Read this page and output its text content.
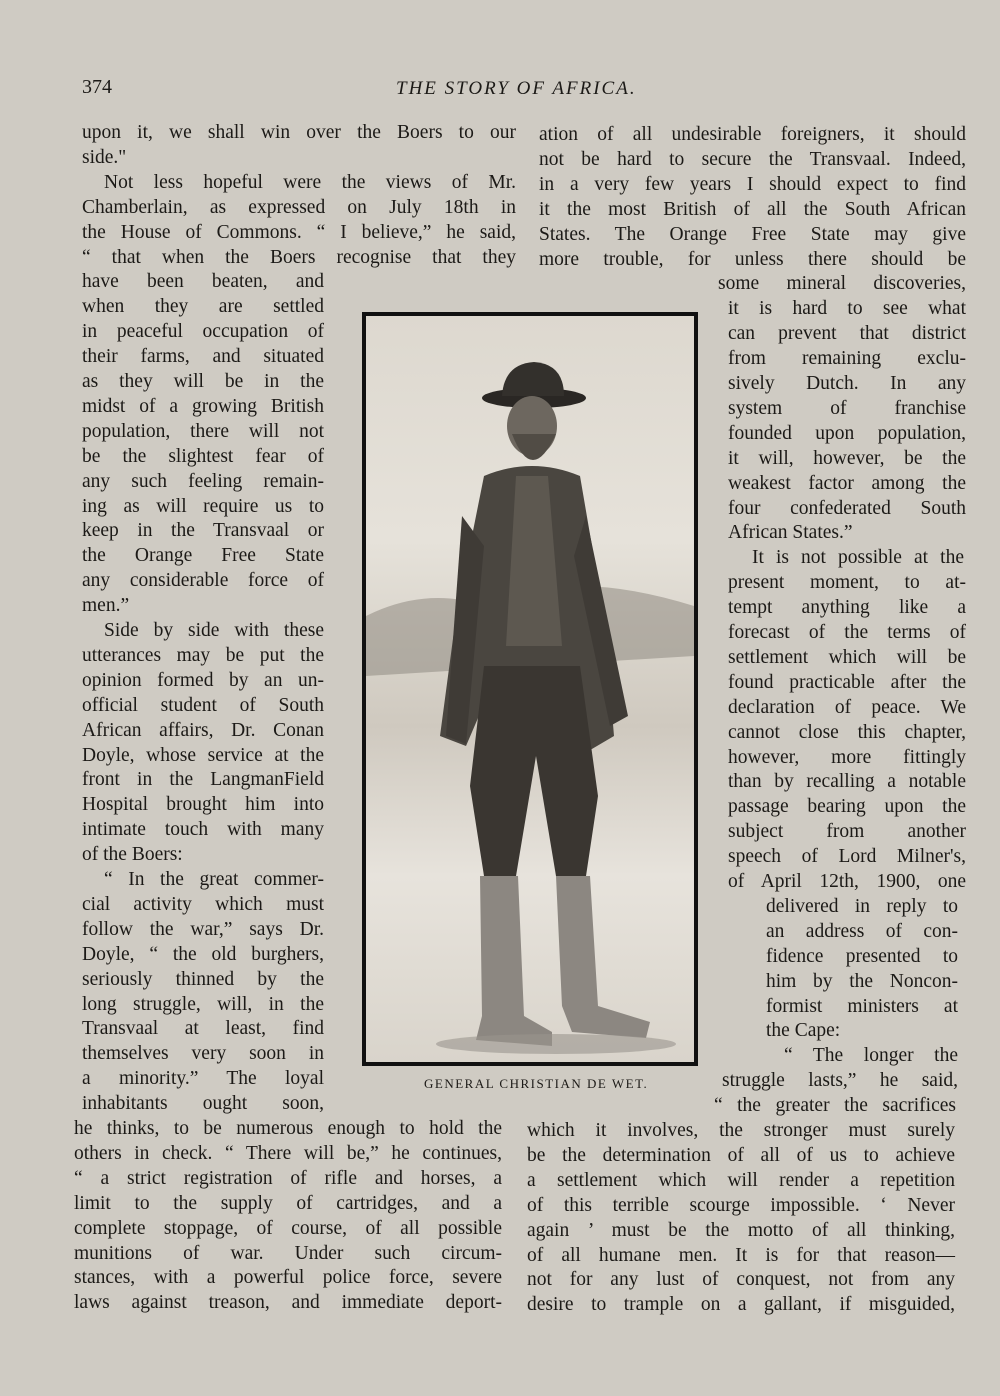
374	THE STORY OF AFRICA.
upon it, we shall win over the Boers to our
side."
Not less hopeful were the views of Mr.
Chamberlain, as expressed on July 18th in
the House of Commons. “ I believe,” he said,
“ that when the Boers recognise that they
have been beaten, and
when they are settled
in peaceful occupation of
their farms, and situated
as they will be in the
midst of a growing British
population, there will not
be the slightest fear of
any such feeling remain-
ing as will require us to
keep in the Transvaal or
the Orange Free State
any considerable force of
men.”
Side by side with these
utterances may be put the
opinion formed by an un-
official student of South
African affairs, Dr. Conan
Doyle, whose service at the
front in the LangmanField
Hospital brought him into
intimate touch with many
of the Boers:
“ In the great commer-
cial activity which must
follow the war,” says Dr.
Doyle, “ the old burghers,
seriously thinned by the
long struggle, will, in the
Transvaal at least, find
themselves very soon in
a minority.” The loyal
inhabitants ought soon,
he thinks, to be numerous enough to hold the
others in check. “ There will be,” he continues,
“ a strict registration of rifle and horses, a
limit to the supply of cartridges, and a
complete stoppage, of course, of all possible
munitions of war. Under such circum-
stances, with a powerful police force, severe
laws against treason, and immediate deport-
ation of all undesirable foreigners, it should
not be hard to secure the Transvaal. Indeed,
in a very few years I should expect to find
it the most British of all the South African
States. The Orange Free State may give
more trouble, for unless there should be
some mineral discoveries,
it is hard to see what
can prevent that district
from remaining exclu-
sively Dutch. In any
system of franchise
founded upon population,
it will, however, be the
weakest factor among the
four confederated South
African States.”
It is not possible at the
present moment, to at-
tempt anything like a
forecast of the terms of
settlement which will be
found practicable after the
declaration of peace. We
cannot close this chapter,
however, more fittingly
than by recalling a notable
passage bearing upon the
subject from another
speech of Lord Milner's,
of April 12th, 1900, one
delivered in reply to
an address of con-
fidence presented to
him by the Noncon-
formist ministers at
the Cape:
“ The longer the
struggle lasts,” he said,
“ the greater the sacrifices
which it involves, the stronger must surely
be the determination of all of us to achieve
a settlement which will render a repetition
of this terrible scourge impossible. ‘ Never
again ’ must be the motto of all thinking,
of all humane men. It is for that reason—
not for any lust of conquest, not from any
desire to trample on a gallant, if misguided,
GENERAL CHRISTIAN DE WET.
